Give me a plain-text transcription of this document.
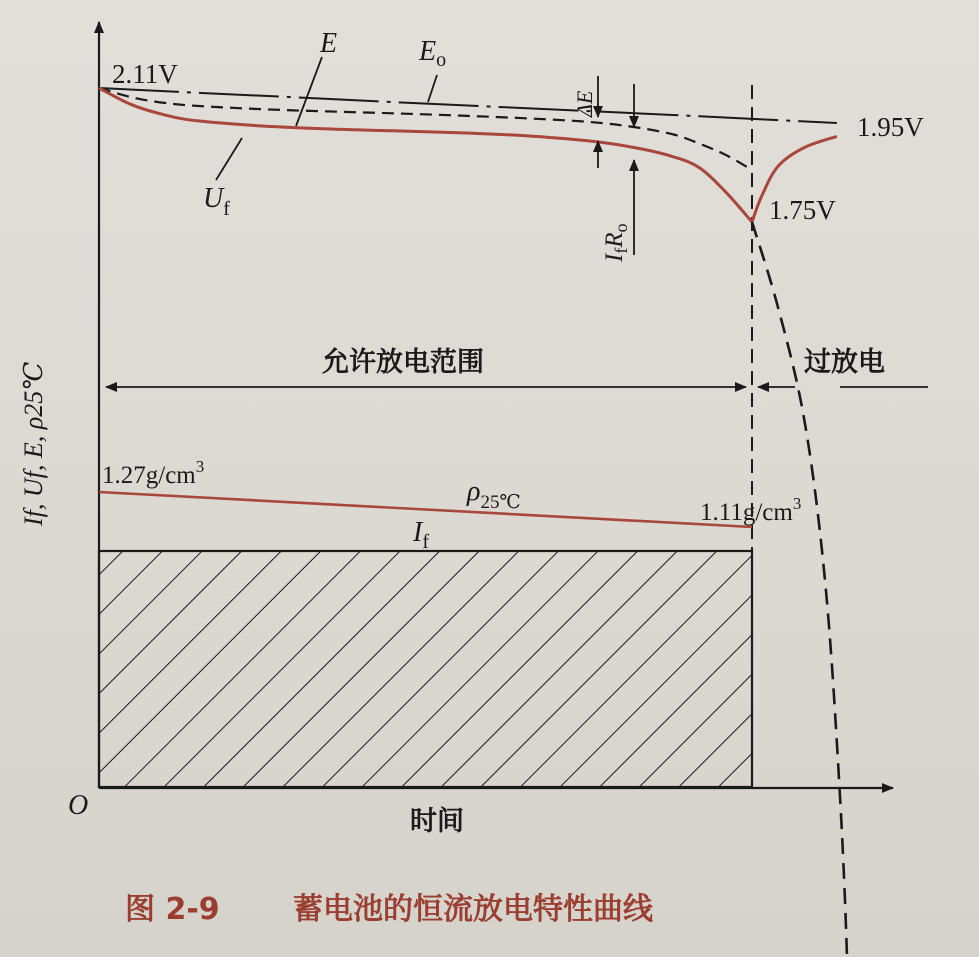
2.11V
1.95V
1.75V
E	$E_o$
ΔE
$I_fR_o$
$U_f$
允许放电范围	过放电
$1.27g/cm^3$
$1.11g/cm^3$
$\rho_{25℃}$
$I_f$
If, Uf, E, ρ25℃
O
时间
图 2-9 蓄电池的恒流放电特性曲线
